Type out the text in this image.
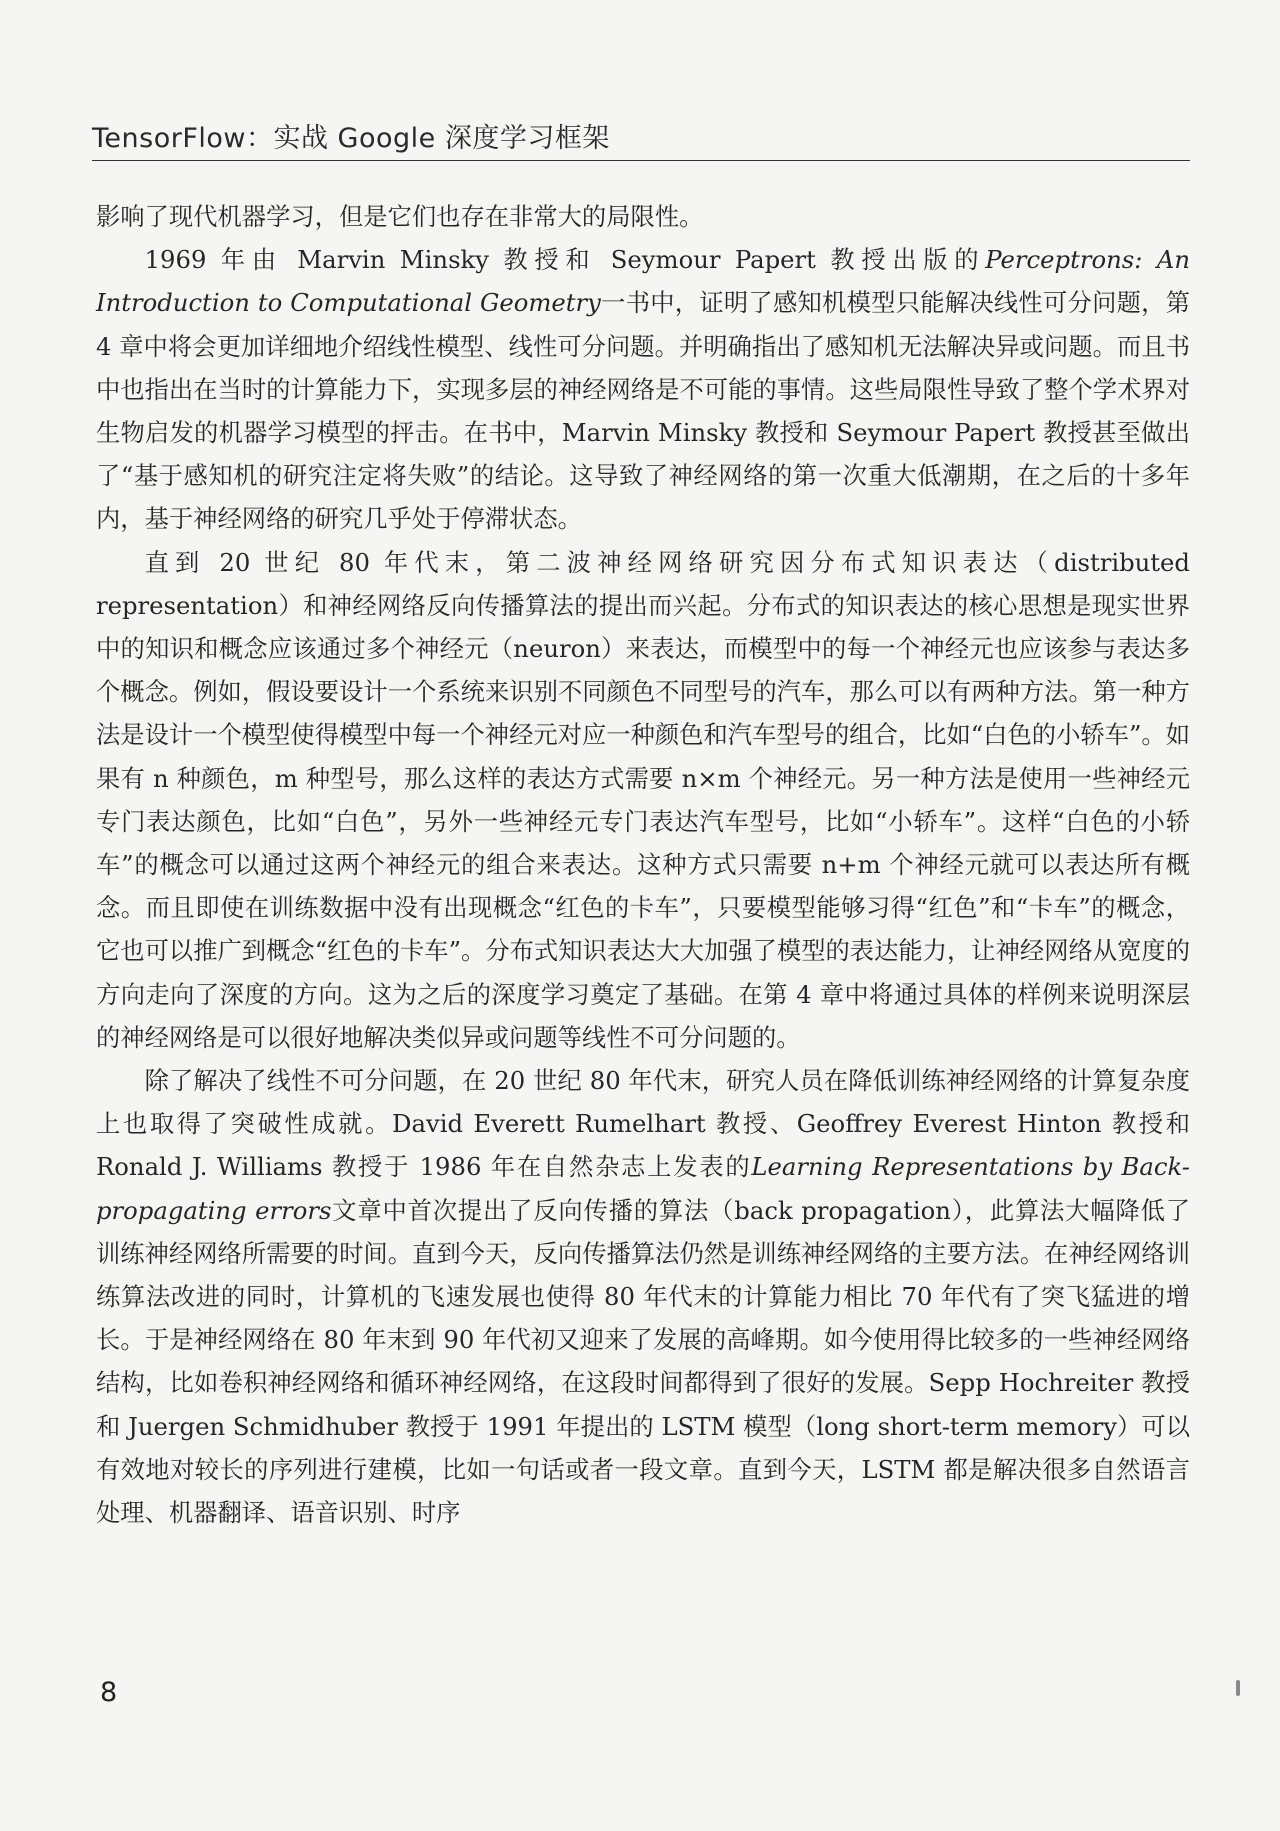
TensorFlow：实战 Google 深度学习框架

影响了现代机器学习，但是它们也存在非常大的局限性。

1969 年由 Marvin Minsky 教授和 Seymour Papert 教授出版的Perceptrons: An Introduction to Computational Geometry一书中，证明了感知机模型只能解决线性可分问题，第 4 章中将会更加详细地介绍线性模型、线性可分问题。并明确指出了感知机无法解决异或问题。而且书中也指出在当时的计算能力下，实现多层的神经网络是不可能的事情。这些局限性导致了整个学术界对生物启发的机器学习模型的抨击。在书中，Marvin Minsky 教授和 Seymour Papert 教授甚至做出了“基于感知机的研究注定将失败”的结论。这导致了神经网络的第一次重大低潮期，在之后的十多年内，基于神经网络的研究几乎处于停滞状态。

直到 20 世纪 80 年代末，第二波神经网络研究因分布式知识表达（distributed representation）和神经网络反向传播算法的提出而兴起。分布式的知识表达的核心思想是现实世界中的知识和概念应该通过多个神经元（neuron）来表达，而模型中的每一个神经元也应该参与表达多个概念。例如，假设要设计一个系统来识别不同颜色不同型号的汽车，那么可以有两种方法。第一种方法是设计一个模型使得模型中每一个神经元对应一种颜色和汽车型号的组合，比如“白色的小轿车”。如果有 n 种颜色，m 种型号，那么这样的表达方式需要 n×m 个神经元。另一种方法是使用一些神经元专门表达颜色，比如“白色”，另外一些神经元专门表达汽车型号，比如“小轿车”。这样“白色的小轿车”的概念可以通过这两个神经元的组合来表达。这种方式只需要 n+m 个神经元就可以表达所有概念。而且即使在训练数据中没有出现概念“红色的卡车”，只要模型能够习得“红色”和“卡车”的概念，它也可以推广到概念“红色的卡车”。分布式知识表达大大加强了模型的表达能力，让神经网络从宽度的方向走向了深度的方向。这为之后的深度学习奠定了基础。在第 4 章中将通过具体的样例来说明深层的神经网络是可以很好地解决类似异或问题等线性不可分问题的。

除了解决了线性不可分问题，在 20 世纪 80 年代末，研究人员在降低训练神经网络的计算复杂度上也取得了突破性成就。David Everett Rumelhart 教授、Geoffrey Everest Hinton 教授和 Ronald J. Williams 教授于 1986 年在自然杂志上发表的Learning Representations by Back-propagating errors文章中首次提出了反向传播的算法（back propagation），此算法大幅降低了训练神经网络所需要的时间。直到今天，反向传播算法仍然是训练神经网络的主要方法。在神经网络训练算法改进的同时，计算机的飞速发展也使得 80 年代末的计算能力相比 70 年代有了突飞猛进的增长。于是神经网络在 80 年末到 90 年代初又迎来了发展的高峰期。如今使用得比较多的一些神经网络结构，比如卷积神经网络和循环神经网络，在这段时间都得到了很好的发展。Sepp Hochreiter 教授和 Juergen Schmidhuber 教授于 1991 年提出的 LSTM 模型（long short-term memory）可以有效地对较长的序列进行建模，比如一句话或者一段文章。直到今天，LSTM 都是解决很多自然语言处理、机器翻译、语音识别、时序

8
